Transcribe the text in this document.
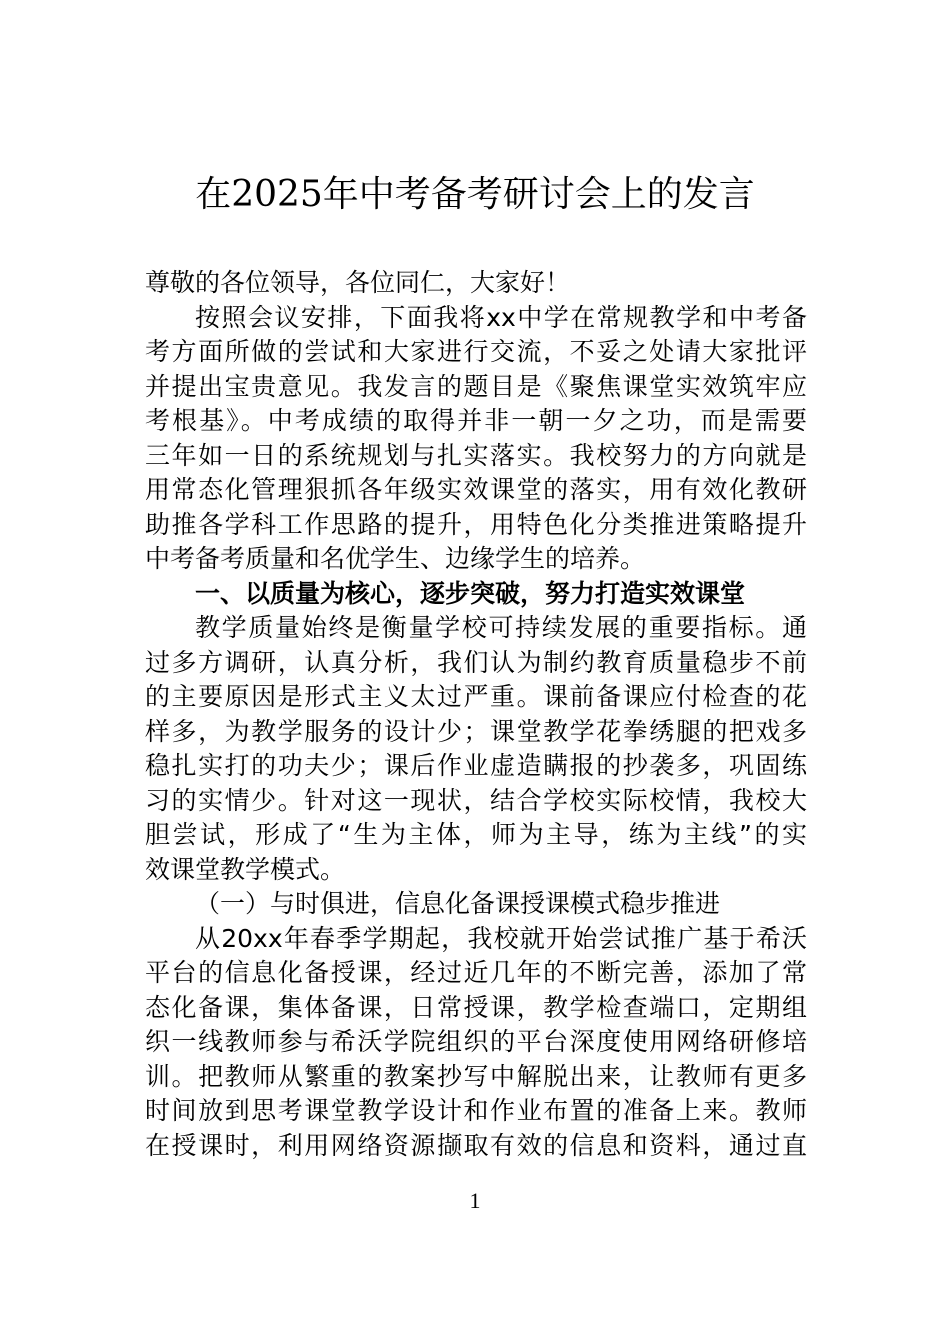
在2025年中考备考研讨会上的发言
尊敬的各位领导，各位同仁，大家好！
按照会议安排，下面我将xx中学在常规教学和中考备
考方面所做的尝试和大家进行交流，不妥之处请大家批评
并提出宝贵意见。我发言的题目是《聚焦课堂实效筑牢应
考根基》。中考成绩的取得并非一朝一夕之功，而是需要
三年如一日的系统规划与扎实落实。我校努力的方向就是
用常态化管理狠抓各年级实效课堂的落实，用有效化教研
助推各学科工作思路的提升，用特色化分类推进策略提升
中考备考质量和名优学生、边缘学生的培养。
一、以质量为核心，逐步突破，努力打造实效课堂
教学质量始终是衡量学校可持续发展的重要指标。通
过多方调研，认真分析，我们认为制约教育质量稳步不前
的主要原因是形式主义太过严重。课前备课应付检查的花
样多，为教学服务的设计少；课堂教学花拳绣腿的把戏多
稳扎实打的功夫少；课后作业虚造瞒报的抄袭多，巩固练
习的实情少。针对这一现状，结合学校实际校情，我校大
胆尝试，形成了“生为主体，师为主导，练为主线”的实
效课堂教学模式。
（一）与时俱进，信息化备课授课模式稳步推进
从20xx年春季学期起，我校就开始尝试推广基于希沃
平台的信息化备授课，经过近几年的不断完善，添加了常
态化备课，集体备课，日常授课，教学检查端口，定期组
织一线教师参与希沃学院组织的平台深度使用网络研修培
训。把教师从繁重的教案抄写中解脱出来，让教师有更多
时间放到思考课堂教学设计和作业布置的准备上来。教师
在授课时，利用网络资源撷取有效的信息和资料，通过直
1
